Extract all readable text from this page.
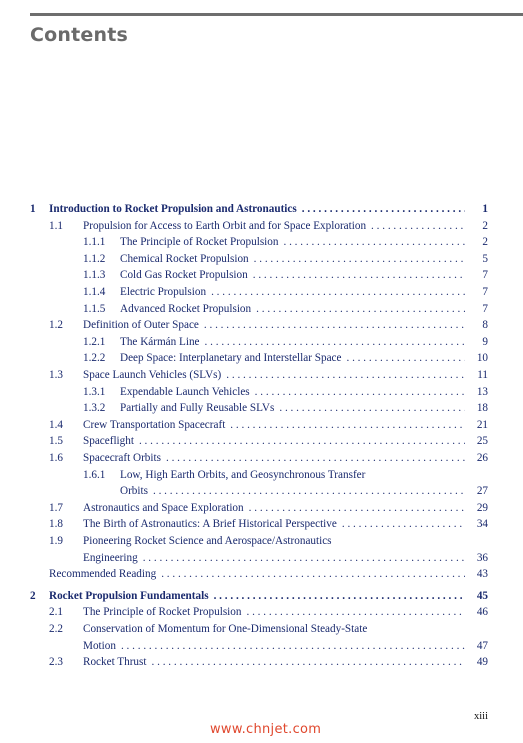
Contents
1 Introduction to Rocket Propulsion and Astronautics . . .	1
1.1 Propulsion for Access to Earth Orbit and for Space Exploration . . .	2
1.1.1 The Principle of Rocket Propulsion . . .	2
1.1.2 Chemical Rocket Propulsion . . .	5
1.1.3 Cold Gas Rocket Propulsion . . .	7
1.1.4 Electric Propulsion . . .	7
1.1.5 Advanced Rocket Propulsion . . .	7
1.2 Definition of Outer Space . . .	8
1.2.1 The Kármán Line . . .	9
1.2.2 Deep Space: Interplanetary and Interstellar Space . . .	10
1.3 Space Launch Vehicles (SLVs) . . .	11
1.3.1 Expendable Launch Vehicles . . .	13
1.3.2 Partially and Fully Reusable SLVs . . .	18
1.4 Crew Transportation Spacecraft . . .	21
1.5 Spaceflight . . .	25
1.6 Spacecraft Orbits . . .	26
1.6.1 Low, High Earth Orbits, and Geosynchronous Transfer
Orbits . . .	27
1.7 Astronautics and Space Exploration . . .	29
1.8 The Birth of Astronautics: A Brief Historical Perspective . . .	34
1.9 Pioneering Rocket Science and Aerospace/Astronautics
Engineering . . .	36
Recommended Reading . . .	43
2 Rocket Propulsion Fundamentals . . .	45
2.1 The Principle of Rocket Propulsion . . .	46
2.2 Conservation of Momentum for One-Dimensional Steady-State
Motion . . .	47
2.3 Rocket Thrust . . .	49
xiii
www.chnjet.com
